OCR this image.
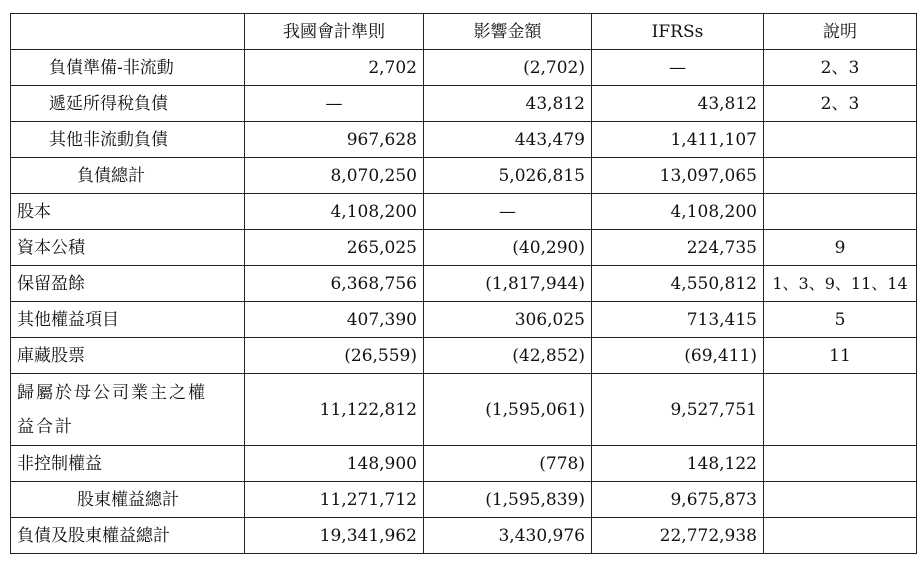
	我國會計準則	影響金額	IFRSs	說明
負債準備-非流動	2,702	(2,702)	—	2、3
遞延所得稅負債	—	43,812	43,812	2、3
其他非流動負債	967,628	443,479	1,411,107	
負債總計	8,070,250	5,026,815	13,097,065	
股本	4,108,200	—	4,108,200	
資本公積	265,025	(40,290)	224,735	9
保留盈餘	6,368,756	(1,817,944)	4,550,812	1、3、9、11、14
其他權益項目	407,390	306,025	713,415	5
庫藏股票	(26,559)	(42,852)	(69,411)	11

歸屬於母公司業主之權益合計	11,122,812	(1,595,061)	9,527,751	
非控制權益	148,900	(778)	148,122	
股東權益總計	11,271,712	(1,595,839)	9,675,873	
負債及股東權益總計	19,341,962	3,430,976	22,772,938	
